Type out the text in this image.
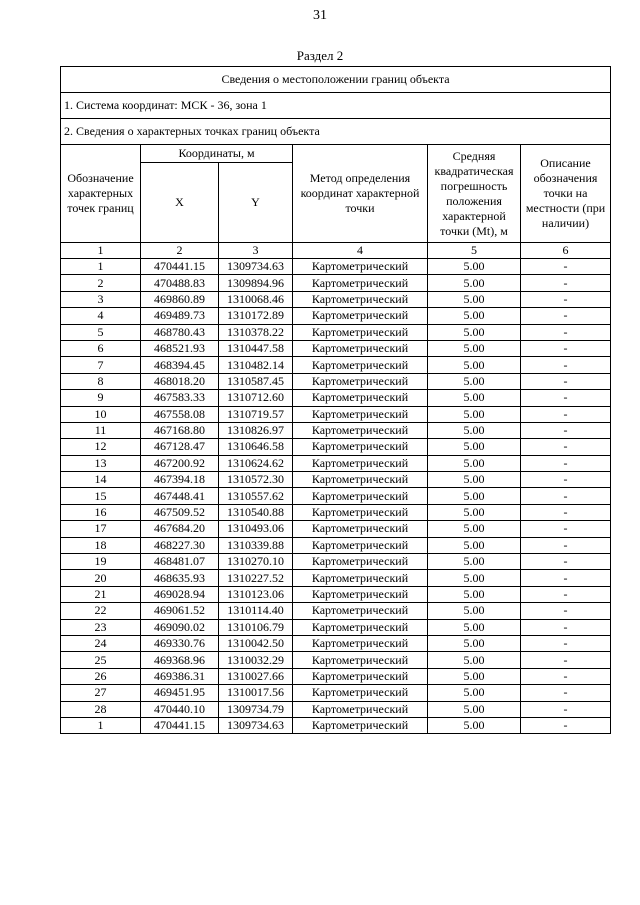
31
Раздел 2
Сведения о местоположении границ объекта					
1. Система координат: МСК - 36, зона 1					
2. Сведения о характерных точках границ объекта					
Обозначение характерных точек границ	Координаты, м		Метод определения координат характерной точки	Средняя квадратическая погрешность положения характерной точки (Mt), м	Описание обозначения точки на местности (при наличии)
	X	Y			
1	2	3	4	5	6
1	470441.15	1309734.63	Картометрический	5.00	-
2	470488.83	1309894.96	Картометрический	5.00	-
3	469860.89	1310068.46	Картометрический	5.00	-
4	469489.73	1310172.89	Картометрический	5.00	-
5	468780.43	1310378.22	Картометрический	5.00	-
6	468521.93	1310447.58	Картометрический	5.00	-
7	468394.45	1310482.14	Картометрический	5.00	-
8	468018.20	1310587.45	Картометрический	5.00	-
9	467583.33	1310712.60	Картометрический	5.00	-
10	467558.08	1310719.57	Картометрический	5.00	-
11	467168.80	1310826.97	Картометрический	5.00	-
12	467128.47	1310646.58	Картометрический	5.00	-
13	467200.92	1310624.62	Картометрический	5.00	-
14	467394.18	1310572.30	Картометрический	5.00	-
15	467448.41	1310557.62	Картометрический	5.00	-
16	467509.52	1310540.88	Картометрический	5.00	-
17	467684.20	1310493.06	Картометрический	5.00	-
18	468227.30	1310339.88	Картометрический	5.00	-
19	468481.07	1310270.10	Картометрический	5.00	-
20	468635.93	1310227.52	Картометрический	5.00	-
21	469028.94	1310123.06	Картометрический	5.00	-
22	469061.52	1310114.40	Картометрический	5.00	-
23	469090.02	1310106.79	Картометрический	5.00	-
24	469330.76	1310042.50	Картометрический	5.00	-
25	469368.96	1310032.29	Картометрический	5.00	-
26	469386.31	1310027.66	Картометрический	5.00	-
27	469451.95	1310017.56	Картометрический	5.00	-
28	470440.10	1309734.79	Картометрический	5.00	-
1	470441.15	1309734.63	Картометрический	5.00	-
